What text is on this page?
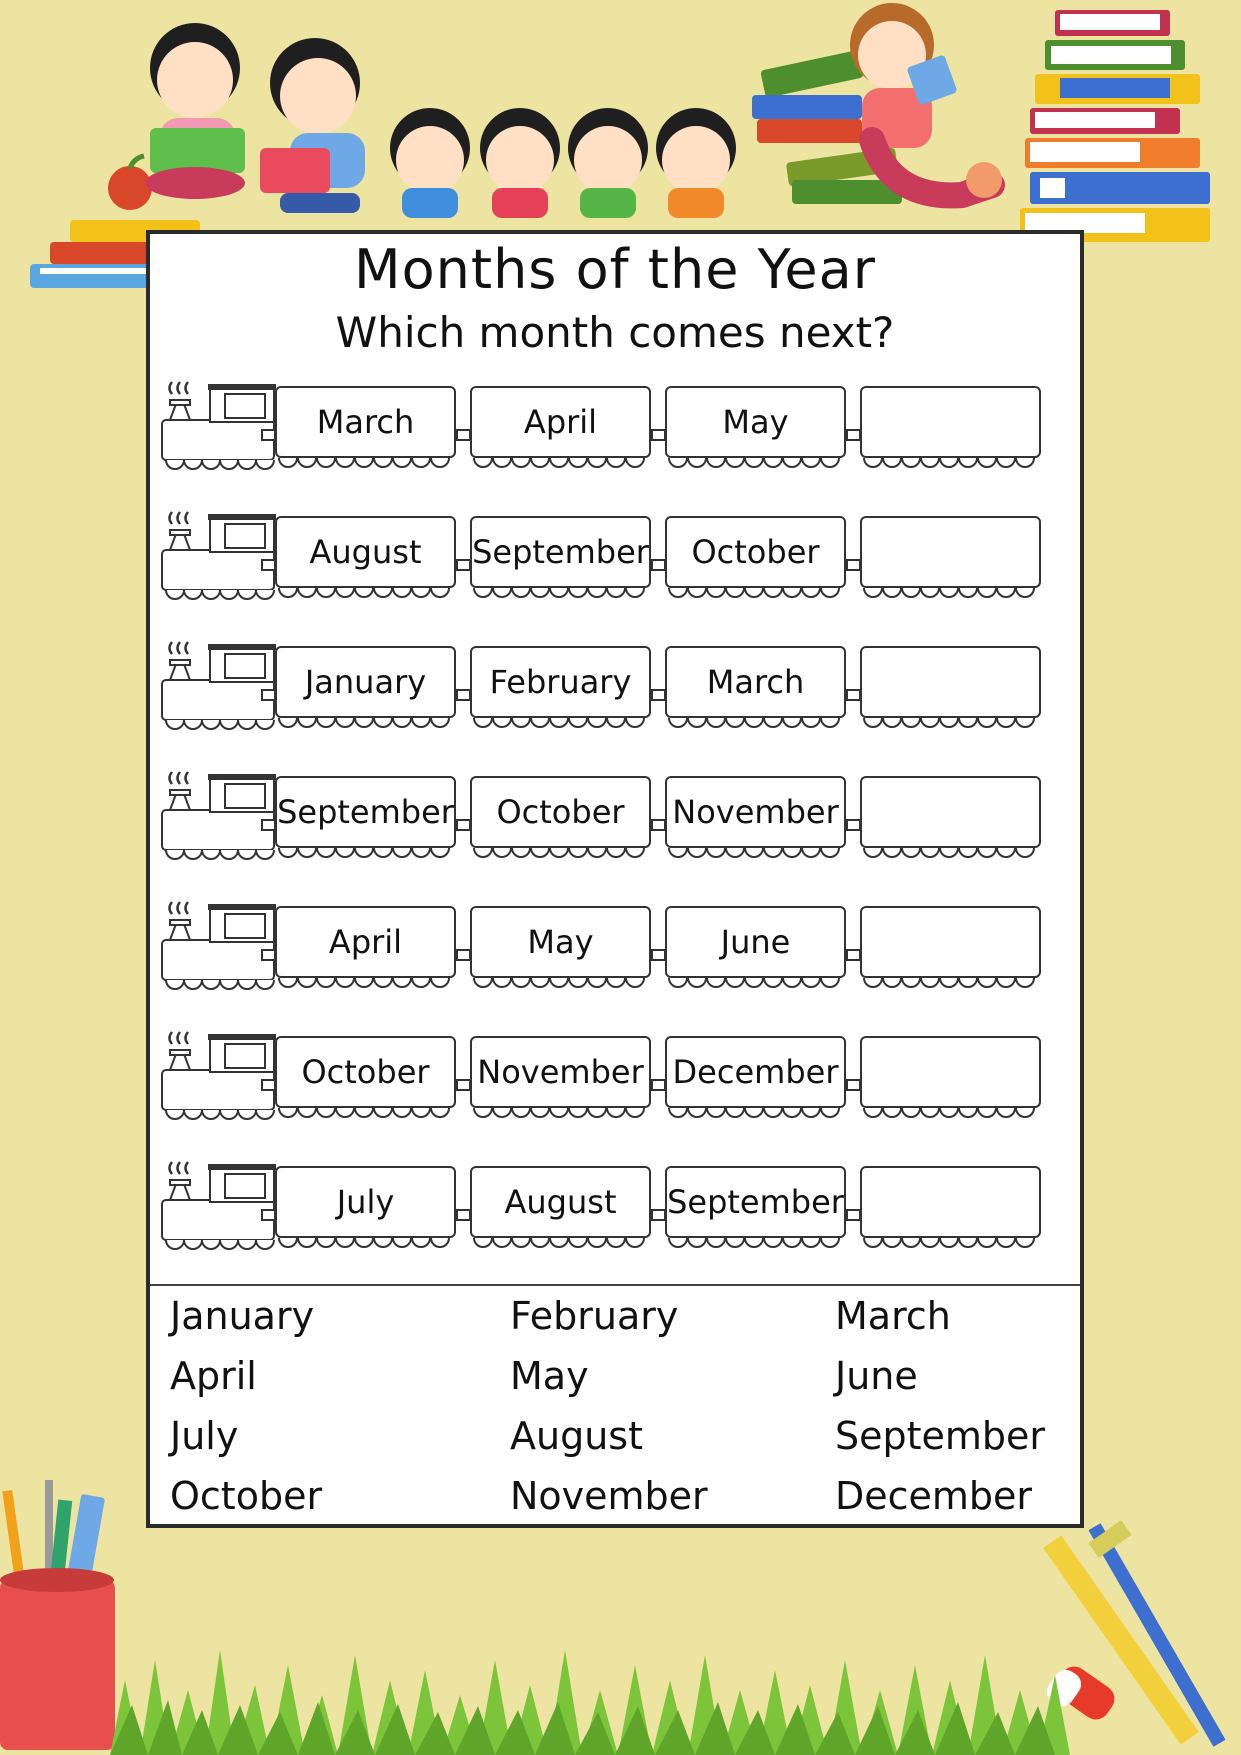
Months of the Year
Which month comes next?
March	April	May
August	September	October
January	February	March
September	October	November
April	May	June
October	November December
July	August	September
January	February	March
April	May	June
July	August	September
October	November	December
